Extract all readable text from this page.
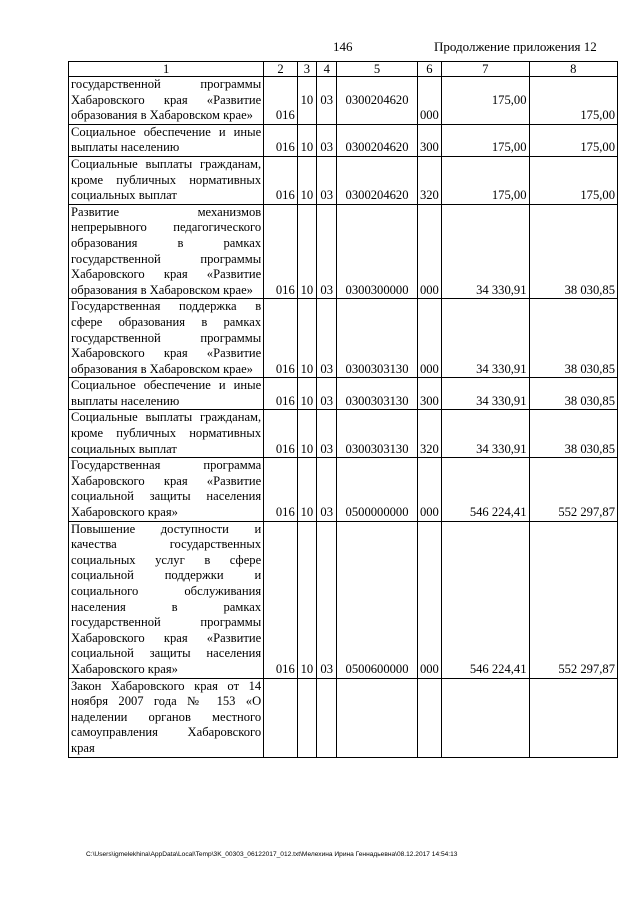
146	Продолжение приложения 12
1	2	3	4	5	6	7	8
государственной программы Хабаровского края «Развитие образования в Хабаровском крае»	016	10	03	0300204620	000	175,00	175,00
Социальное обеспечение и иные выплаты населению	016	10	03	0300204620	300	175,00	175,00
Социальные выплаты гражданам, кроме публичных нормативных социальных выплат	016	10	03	0300204620	320	175,00	175,00
Развитие механизмов непрерывного педагогического образования в рамках государственной программы Хабаровского края «Развитие образования в Хабаровском крае»	016	10	03	0300300000	000	34 330,91	38 030,85
Государственная поддержка в сфере образования в рамках государственной программы Хабаровского края «Развитие образования в Хабаровском крае»	016	10	03	0300303130	000	34 330,91	38 030,85
Социальное обеспечение и иные выплаты населению	016	10	03	0300303130	300	34 330,91	38 030,85
Социальные выплаты гражданам, кроме публичных нормативных социальных выплат	016	10	03	0300303130	320	34 330,91	38 030,85
Государственная программа Хабаровского края «Развитие социальной защиты населения Хабаровского края»	016	10	03	0500000000	000	546 224,41	552 297,87
Повышение доступности и качества государственных социальных услуг в сфере социальной поддержки и социального обслуживания населения в рамках государственной программы Хабаровского края «Развитие социальной защиты населения Хабаровского края»	016	10	03	0500600000	000	546 224,41	552 297,87
Закон Хабаровского края от 14 ноября 2007 года № 153 «О наделении органов местного самоуправления Хабаровского края							
C:\Users\igmelekhina\AppData\Local\Temp\3K_00303_06122017_012.txt\Мелехина Ирина Геннадьевна\08.12.2017 14:54:13
